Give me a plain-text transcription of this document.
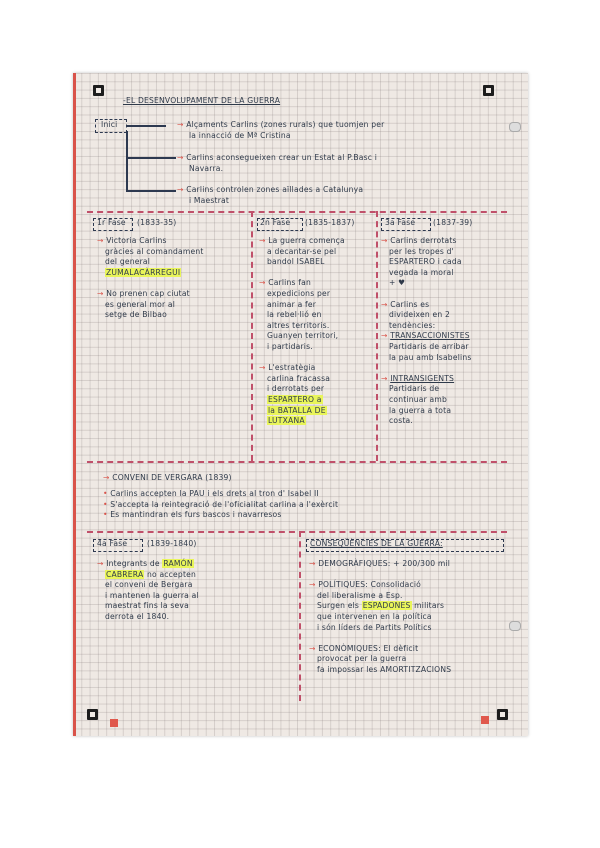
-EL DESENVOLUPAMENT DE LA GUERRA
Inici	→ Alçaments Carlins (zones rurals) que tuomjen per
la innacció de Mª Cristina
→ Carlins aconsegueixen crear un Estat al P.Basc i
Navarra.
→ Carlins controlen zones aïllades a Catalunya
i Maestrat
1r Fase (1833-35)
→ Victoria Carlins
gràcies al comandament
del general
ZUMALACÀRREGUI
→ No prenen cap ciutat
es general mor al
setge de Bilbao
2n Fase (1835-1837)
→ La guerra comença
a decantar-se pel
bandol ISABEL
→ Carlins fan
expedicions per
animar a fer
la rebel·lió en
altres territoris.
Guanyen territori,
i partidaris.
→ L'estratègia
carlina fracassa
i derrotats per
ESPARTERO a
la BATALLA DE
LUTXANA
3a Fase (1837-39)
→ Carlins derrotats
per les tropes d'
ESPARTERO i cada
vegada la moral
+ ♥
→ Carlins es
divideixen en 2
tendències:
→ TRANSACCIONISTES
Partidaris de arribar
la pau amb Isabelins
→ INTRANSIGENTS
Partidaris de
continuar amb
la guerra a tota
costa.
→ CONVENI DE VERGARA (1839)
• Carlins accepten la PAU i els drets al tron d' Isabel II
• S'accepta la reintegració de l'oficialitat carlina a l'exèrcit
• Es mantindran els furs bascos i navarresos
4a Fase	(1839-1840)
→ Integrants de RAMÓN
CABRERA no accepten
el conveni de Bergara
i mantenen la guerra al
maestrat fins la seva
derrota el 1840.
CONSEQÜÈNCIES DE LA GUERRA:
→ DEMOGRÀFIQUES: + 200/300 mil
→ POLÍTIQUES: Consolidació
del liberalisme a Esp.
Surgen els ESPADONES militars
que intervenen en la política
i són líders de Partits Polítics
→ ECONÒMIQUES: El dèficit
provocat per la guerra
fa impossar les AMORTITZACIONS
